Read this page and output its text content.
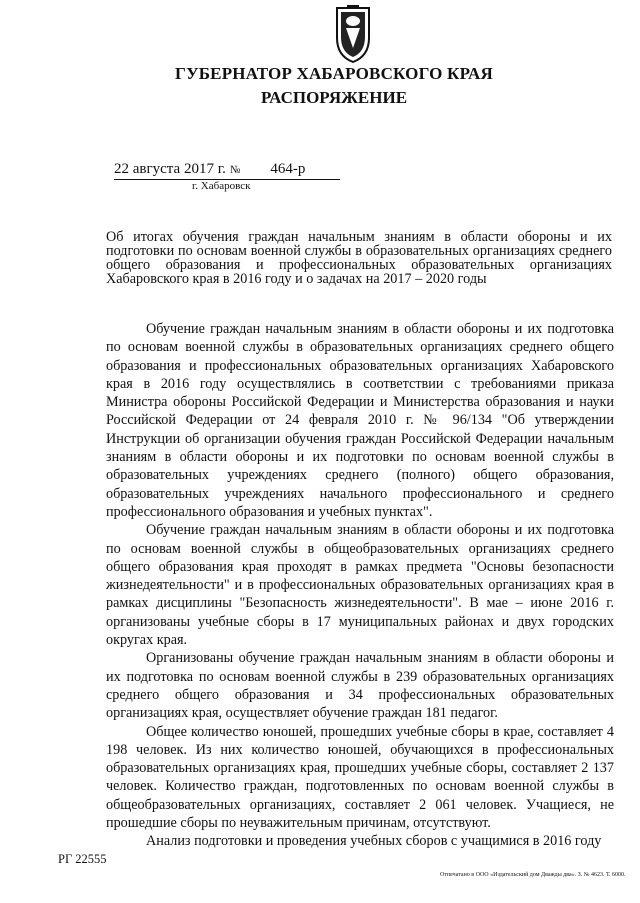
ГУБЕРНАТОР ХАБАРОВСКОГО КРАЯ
РАСПОРЯЖЕНИЕ
22 августа 2017 г. № 464-р
г. Хабаровск
Об итогах обучения граждан начальным знаниям в области обороны и их подготовки по основам военной службы в образовательных организациях среднего общего образования и профессиональных образовательных организациях Хабаровского края в 2016 году и о задачах на 2017 – 2020 годы

Обучение граждан начальным знаниям в области обороны и их подготовка по основам военной службы в образовательных организациях среднего общего образования и профессиональных образовательных организациях Хабаровского края в 2016 году осуществлялись в соответствии с требованиями приказа Министра обороны Российской Федерации и Министерства образования и науки Российской Федерации от 24 февраля 2010 г. № 96/134 "Об утверждении Инструкции об организации обучения граждан Российской Федерации начальным знаниям в области обороны и их подготовки по основам военной службы в образовательных учреждениях среднего (полного) общего образования, образовательных учреждениях начального профессионального и среднего профессионального образования и учебных пунктах".

Обучение граждан начальным знаниям в области обороны и их подготовка по основам военной службы в общеобразовательных организациях среднего общего образования края проходят в рамках предмета "Основы безопасности жизнедеятельности" и в профессиональных образовательных организациях края в рамках дисциплины "Безопасность жизнедеятельности". В мае – июне 2016 г. организованы учебные сборы в 17 муниципальных районах и двух городских округах края.

Организованы обучение граждан начальным знаниям в области обороны и их подготовка по основам военной службы в 239 образовательных организациях среднего общего образования и 34 профессиональных образовательных организациях края, осуществляет обучение граждан 181 педагог.

Общее количество юношей, прошедших учебные сборы в крае, составляет 4 198 человек. Из них количество юношей, обучающихся в профессиональных образовательных организациях края, прошедших учебные сборы, составляет 2 137 человек. Количество граждан, подготовленных по основам военной службы в общеобразовательных организациях, составляет 2 061 человек. Учащиеся, не прошедшие сборы по неуважительным причинам, отсутствуют.

Анализ подготовки и проведения учебных сборов с учащимися в 2016 году

РГ 22555
Отпечатано в ООО «Издательский дом Дважды два». З. № 4623. Т. 6000.
